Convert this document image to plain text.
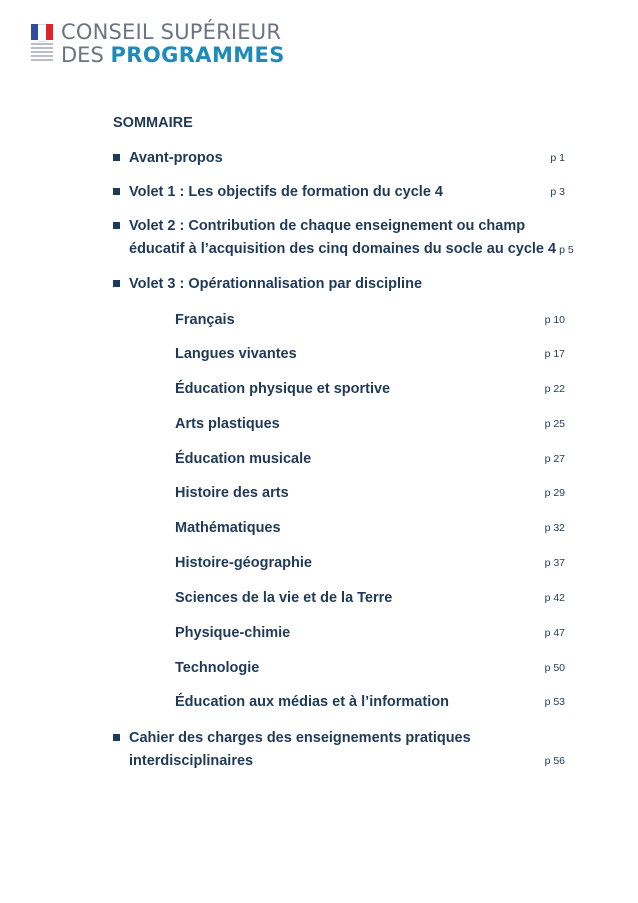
CONSEIL SUPÉRIEUR
DES PROGRAMMES
SOMMAIRE
Avant-propos	p 1
Volet 1 : Les objectifs de formation du cycle 4	p 3
Volet 2 : Contribution de chaque enseignement ou champ
éducatif à l’acquisition des cinq domaines du socle au cycle 4 p 5
Volet 3 : Opérationnalisation par discipline
Français	p 10
Langues vivantes	p 17
Éducation physique et sportive	p 22
Arts plastiques	p 25
Éducation musicale	p 27
Histoire des arts	p 29
Mathématiques	p 32
Histoire-géographie	p 37
Sciences de la vie et de la Terre	p 42
Physique-chimie	p 47
Technologie	p 50
Éducation aux médias et à l’information	p 53
Cahier des charges des enseignements pratiques
interdisciplinaires	p 56
